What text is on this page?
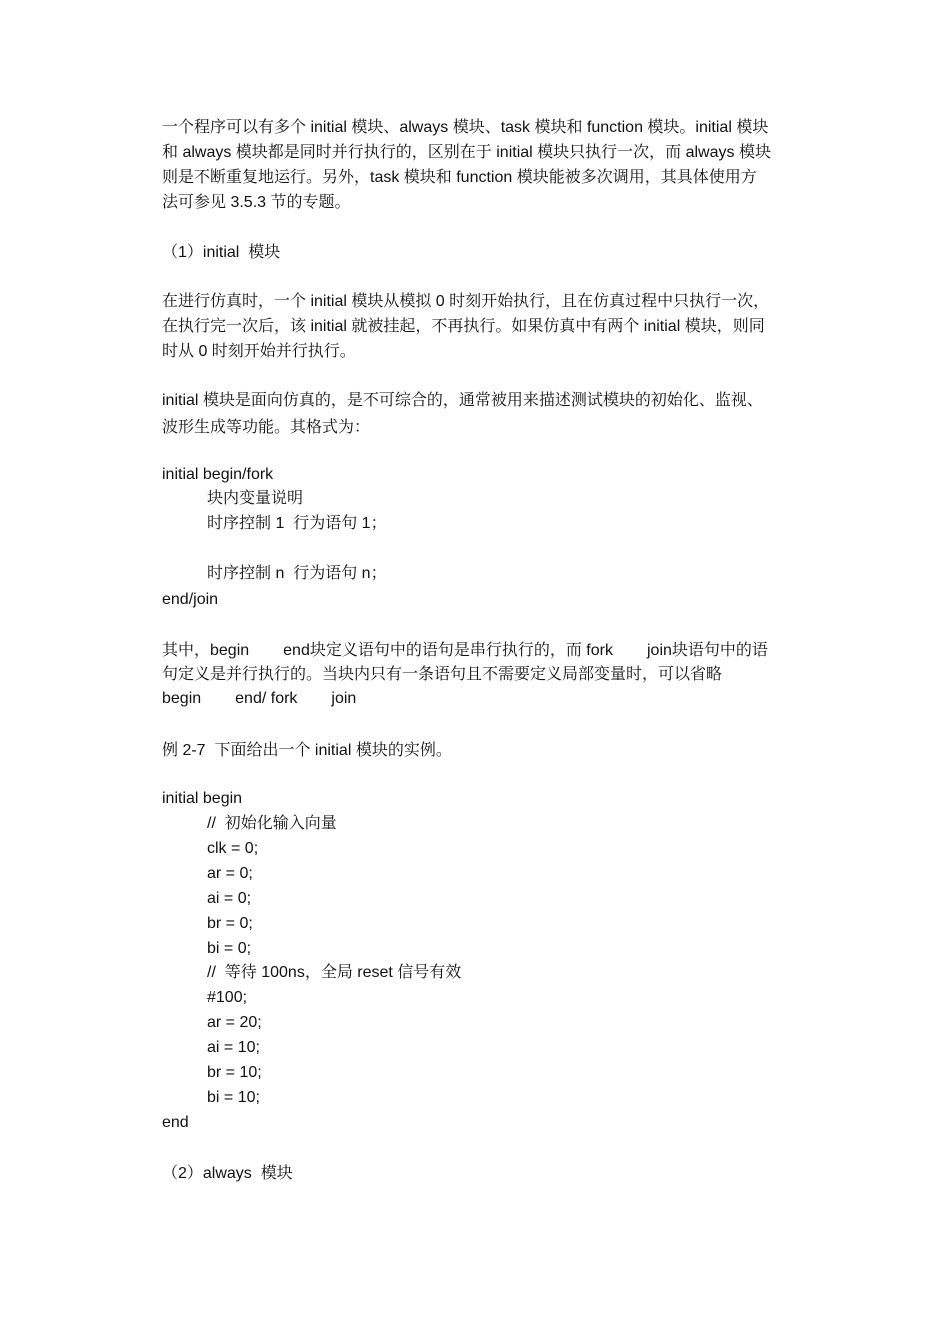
一个程序可以有多个 initial 模块、always 模块、task 模块和 function 模块。initial 模块
和 always 模块都是同时并行执行的，区别在于 initial 模块只执行一次，而 always 模块
则是不断重复地运行。另外，task 模块和 function 模块能被多次调用，其具体使用方
法可参见 3.5.3 节的专题。
（1）initial  模块
在进行仿真时，一个 initial 模块从模拟 0 时刻开始执行，且在仿真过程中只执行一次，
在执行完一次后，该 initial 就被挂起，不再执行。如果仿真中有两个 initial 模块，则同
时从 0 时刻开始并行执行。
initial 模块是面向仿真的，是不可综合的，通常被用来描述测试模块的初始化、监视、
波形生成等功能。其格式为：
initial begin/fork
块内变量说明
时序控制 1  行为语句 1；
时序控制 n  行为语句 n；
end/join
其中，begin end块定义语句中的语句是串行执行的，而 fork join块语句中的语
句定义是并行执行的。当块内只有一条语句且不需要定义局部变量时，可以省略
begin end/ fork join
例 2-7  下面给出一个 initial 模块的实例。
initial begin
//  初始化输入向量
clk = 0;
ar = 0;
ai = 0;
br = 0;
bi = 0;
//  等待 100ns，全局 reset 信号有效
#100;
ar = 20;
ai = 10;
br = 10;
bi = 10;
end
（2）always  模块
